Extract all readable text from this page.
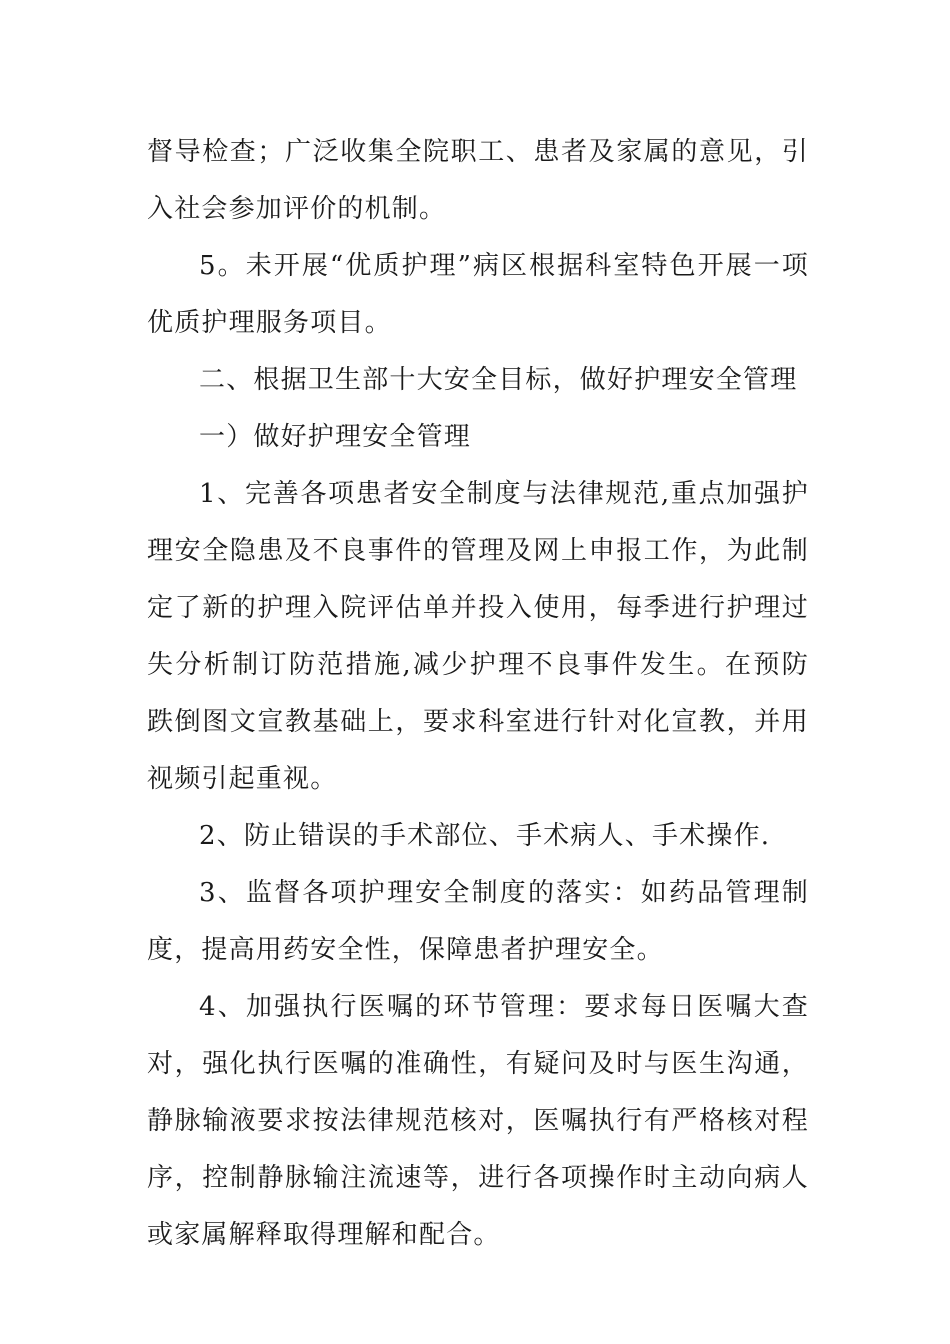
督导检查；广泛收集全院职工、患者及家属的意见，引入社会参加评价的机制。

5。未开展“优质护理”病区根据科室特色开展一项优质护理服务项目。

二、根据卫生部十大安全目标，做好护理安全管理

一）做好护理安全管理

1、完善各项患者安全制度与法律规范,重点加强护理安全隐患及不良事件的管理及网上申报工作，为此制定了新的护理入院评估单并投入使用，每季进行护理过失分析制订防范措施,减少护理不良事件发生。在预防跌倒图文宣教基础上，要求科室进行针对化宣教，并用视频引起重视。

2、防止错误的手术部位、手术病人、手术操作.

3、监督各项护理安全制度的落实：如药品管理制度，提高用药安全性，保障患者护理安全。

4、加强执行医嘱的环节管理：要求每日医嘱大查对，强化执行医嘱的准确性，有疑问及时与医生沟通，静脉输液要求按法律规范核对，医嘱执行有严格核对程序，控制静脉输注流速等，进行各项操作时主动向病人或家属解释取得理解和配合。
